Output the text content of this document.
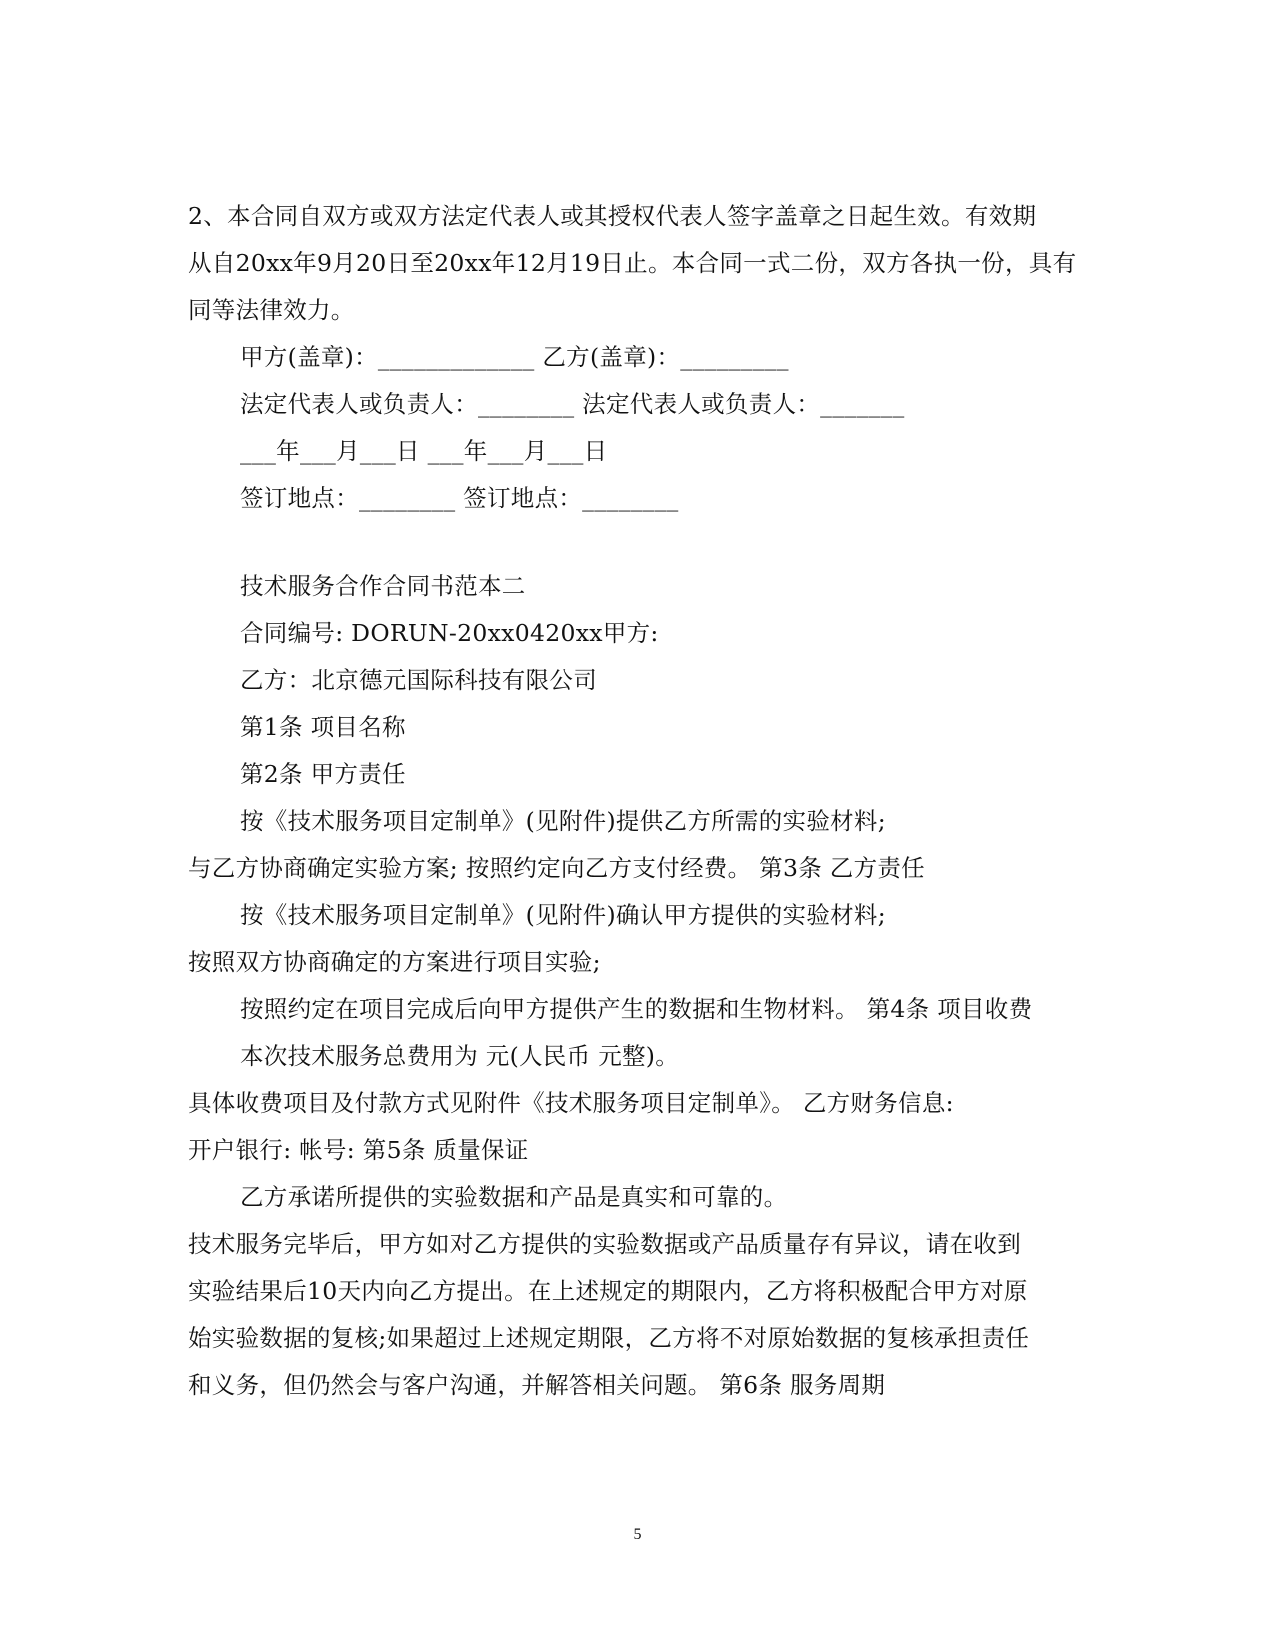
2、本合同自双方或双方法定代表人或其授权代表人签字盖章之日起生效。有效期
从自20xx年9月20日至20xx年12月19日止。本合同一式二份，双方各执一份，具有
同等法律效力。
甲方(盖章)：_____________ 乙方(盖章)：_________
法定代表人或负责人：________ 法定代表人或负责人：_______
___年___月___日 ___年___月___日
签订地点：________ 签订地点：________
技术服务合作合同书范本二
合同编号: DORUN-20xx0420xx甲方:
乙方：北京德元国际科技有限公司
第1条 项目名称
第2条 甲方责任
按《技术服务项目定制单》(见附件)提供乙方所需的实验材料;
与乙方协商确定实验方案; 按照约定向乙方支付经费。 第3条 乙方责任
按《技术服务项目定制单》(见附件)确认甲方提供的实验材料;
按照双方协商确定的方案进行项目实验;
按照约定在项目完成后向甲方提供产生的数据和生物材料。 第4条 项目收费
本次技术服务总费用为 元(人民币 元整)。
具体收费项目及付款方式见附件《技术服务项目定制单》。 乙方财务信息:
开户银行: 帐号: 第5条 质量保证
乙方承诺所提供的实验数据和产品是真实和可靠的。
技术服务完毕后，甲方如对乙方提供的实验数据或产品质量存有异议，请在收到
实验结果后10天内向乙方提出。在上述规定的期限内，乙方将积极配合甲方对原
始实验数据的复核;如果超过上述规定期限，乙方将不对原始数据的复核承担责任
和义务，但仍然会与客户沟通，并解答相关问题。 第6条 服务周期
5
